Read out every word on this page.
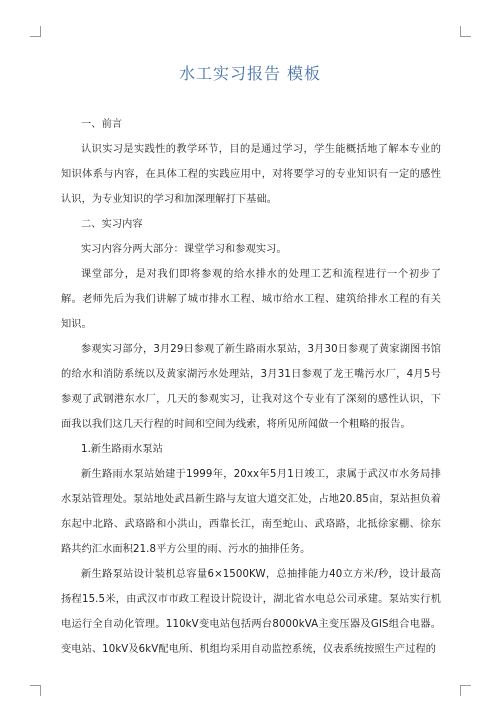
水工实习报告 模板

一、前言

认识实习是实践性的教学环节，目的是通过学习，学生能概括地了解本专业的知识体系与内容，在具体工程的实践应用中，对将要学习的专业知识有一定的感性认识，为专业知识的学习和加深理解打下基础。

二、实习内容

实习内容分两大部分：课堂学习和参观实习。

课堂部分，是对我们即将参观的给水排水的处理工艺和流程进行一个初步了解。老师先后为我们讲解了城市排水工程、城市给水工程、建筑给排水工程的有关知识。

参观实习部分，3月29日参观了新生路雨水泵站，3月30日参观了黄家湖图书馆的给水和消防系统以及黄家湖污水处理站，3月31日参观了龙王嘴污水厂，4月5号参观了武钢港东水厂，几天的参观实习，让我对这个专业有了深刻的感性认识，下面我以我们这几天行程的时间和空间为线索，将所见所闻做一个粗略的报告。

1.新生路雨水泵站

新生路雨水泵站始建于1999年，20xx年5月1日竣工，隶属于武汉市水务局排水泵站管理处。泵站地处武昌新生路与友谊大道交汇处，占地20.85亩，泵站担负着东起中北路、武珞路和小洪山，西靠长江，南至蛇山、武珞路，北抵徐家棚、徐东路共约汇水面积21.8平方公里的雨、污水的抽排任务。

新生路泵站设计装机总容量6×1500KW，总抽排能力40立方米/秒，设计最高扬程15.5米，由武汉市市政工程设计院设计，湖北省水电总公司承建。泵站实行机电运行全自动化管理。110kV变电站包括两台8000kVA主变压器及GIS组合电器。变电站、10kV及6kV配电所、机组均采用自动监控系统，仪表系统按照生产过程的
